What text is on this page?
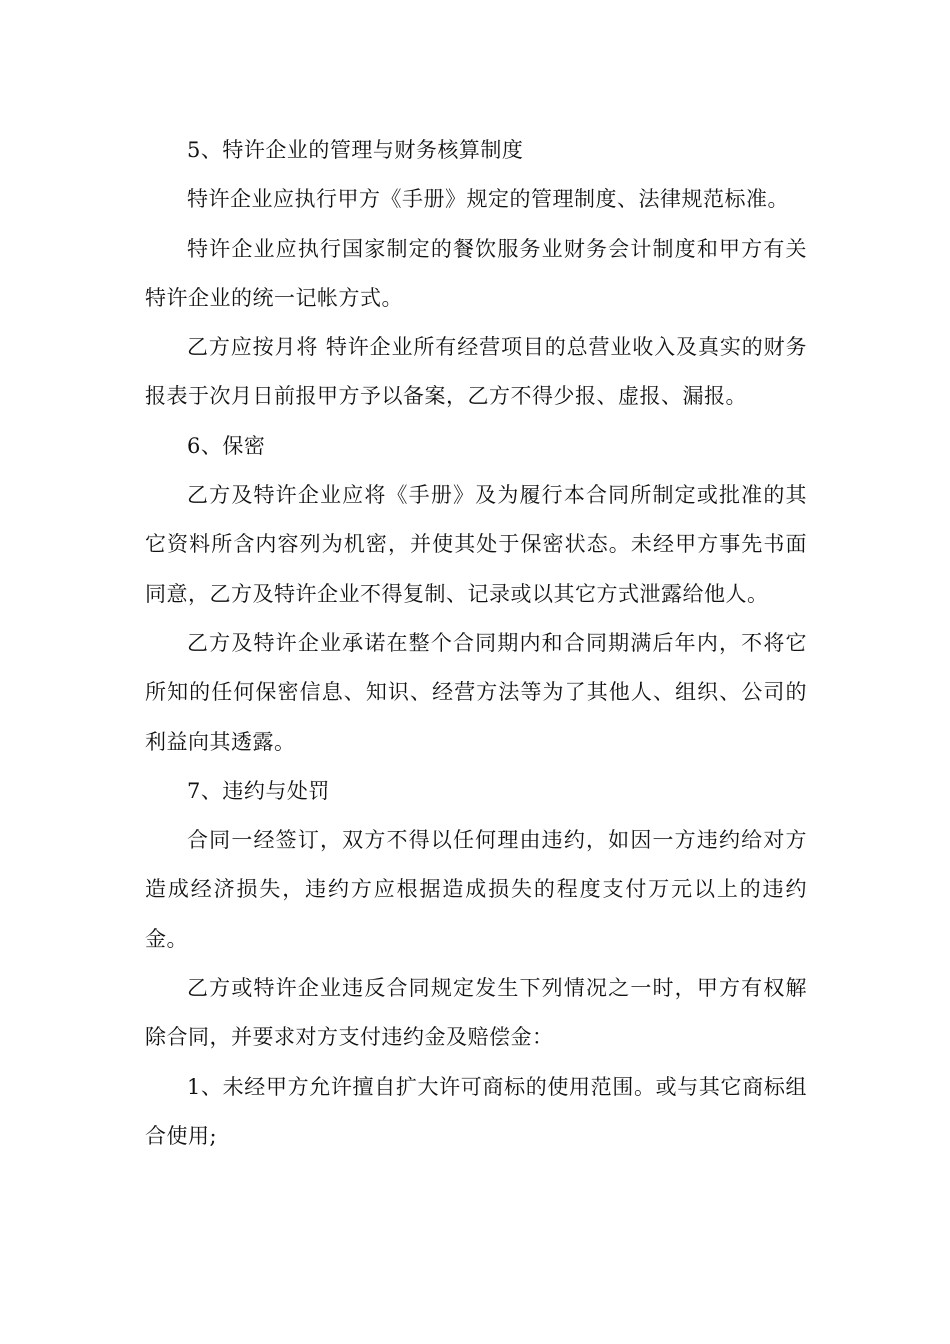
5、特许企业的管理与财务核算制度

特许企业应执行甲方《手册》规定的管理制度、法律规范标准。

特许企业应执行国家制定的餐饮服务业财务会计制度和甲方有关特许企业的统一记帐方式。

乙方应按月将 特许企业所有经营项目的总营业收入及真实的财务报表于次月日前报甲方予以备案，乙方不得少报、虚报、漏报。

6、保密

乙方及特许企业应将《手册》及为履行本合同所制定或批准的其它资料所含内容列为机密，并使其处于保密状态。未经甲方事先书面同意，乙方及特许企业不得复制、记录或以其它方式泄露给他人。

乙方及特许企业承诺在整个合同期内和合同期满后年内，不将它所知的任何保密信息、知识、经营方法等为了其他人、组织、公司的利益向其透露。

7、违约与处罚

合同一经签订，双方不得以任何理由违约，如因一方违约给对方造成经济损失，违约方应根据造成损失的程度支付万元以上的违约金。

乙方或特许企业违反合同规定发生下列情况之一时，甲方有权解除合同，并要求对方支付违约金及赔偿金：

1、未经甲方允许擅自扩大许可商标的使用范围。或与其它商标组合使用;
